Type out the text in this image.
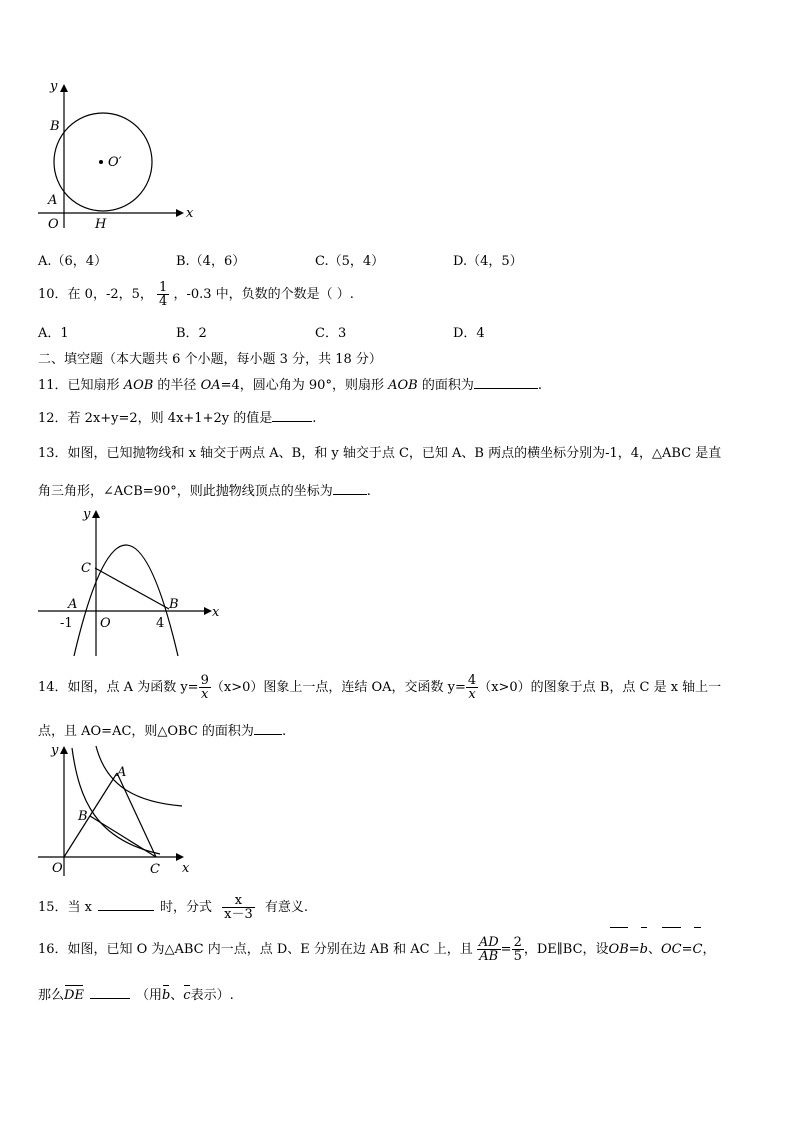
y
x
B
A
O	H
O′
A.（6，4）	B.（4，6）	C.（5，4）	D.（4，5）
10．在 0，-2，5， $\frac{1}{4}$ ，-0.3 中，负数的个数是（ ）.
A．1	B．2	C．3	D．4
二、填空题（本大题共 6 个小题，每小题 3 分，共 18 分）
11．已知扇形 AOB 的半径 OA=4，圆心角为 90°，则扇形 AOB 的面积为	.
12．若 2x+y=2，则 4x+1+2y 的值是	.
13．如图，已知抛物线和 x 轴交于两点 A、B，和 y 轴交于点 C，已知 A、B 两点的横坐标分别为-1，4，△ABC 是直
角三角形，∠ACB=90°，则此抛物线顶点的坐标为	.
y
x
C
A	B
-1 O	4
14．如图，点 A 为函数 $y= \frac{9}{x} (x>0)$图象上一点，连结 OA，交函数 $y= \frac{4}{x} (x>0)$的图象于点 B，点 C 是 x 轴上一
点，且 AO=AC，则△OBC 的面积为 .
y
x
A
B
O	C
15．当 x	时，分式 $\frac{x}{x-3}$ 有意义.
16．如图，已知 O 为△ABC 内一点，点 D、E 分别在边 AB 和 AC 上，且 $\frac{AD}{AB} = \frac{2}{5}$ ，DE∥BC，设OB=b、OC=C，
那么DE	（用b、c表示）.
